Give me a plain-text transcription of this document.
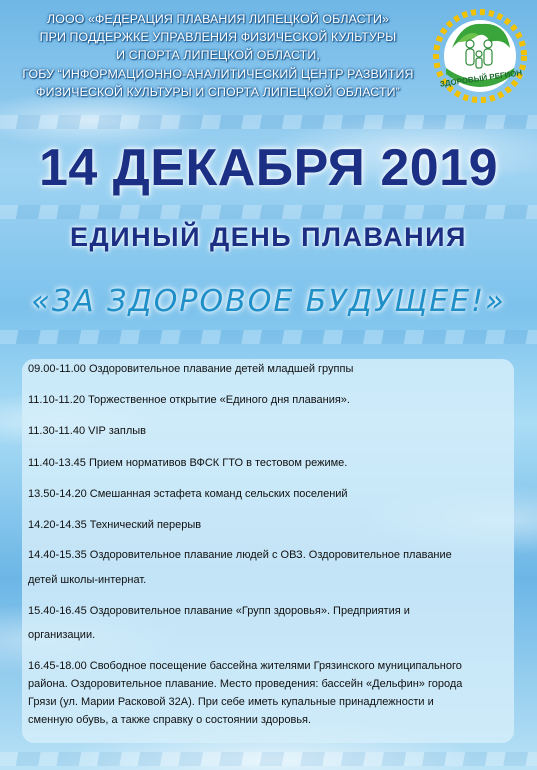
ЛООО «ФЕДЕРАЦИЯ ПЛАВАНИЯ ЛИПЕЦКОЙ ОБЛАСТИ»
ПРИ ПОДДЕРЖКЕ УПРАВЛЕНИЯ ФИЗИЧЕСКОЙ КУЛЬТУРЫ
И СПОРТА ЛИПЕЦКОЙ ОБЛАСТИ,
ГОБУ “ИНФОРМАЦИОННО-АНАЛИТИЧЕСКИЙ ЦЕНТР РАЗВИТИЯ
ФИЗИЧЕСКОЙ КУЛЬТУРЫ И СПОРТА ЛИПЕЦКОЙ ОБЛАСТИ”
ЗДОРОВЫЙ РЕГИОН
14 ДЕКАБРЯ 2019
ЕДИНЫЙ ДЕНЬ ПЛАВАНИЯ
«ЗА ЗДОРОВОЕ БУДУЩЕЕ!»
09.00-11.00 Оздоровительное плавание детей младшей группы
11.10-11.20 Торжественное открытие «Единого дня плавания».
11.30-11.40 VIP заплыв
11.40-13.45 Прием нормативов ВФСК ГТО в тестовом режиме.
13.50-14.20 Смешанная эстафета команд сельских поселений
14.20-14.35 Технический перерыв
14.40-15.35 Оздоровительное плавание людей с ОВЗ. Оздоровительное плавание
детей школы-интернат.
15.40-16.45 Оздоровительное плавание «Групп здоровья». Предприятия и
организации.
16.45-18.00 Свободное посещение бассейна жителями Грязинского муниципального
района. Оздоровительное плавание. Место проведения: бассейн «Дельфин» города
Грязи (ул. Марии Расковой 32А). При себе иметь купальные принадлежности и
сменную обувь, а также справку о состоянии здоровья.
